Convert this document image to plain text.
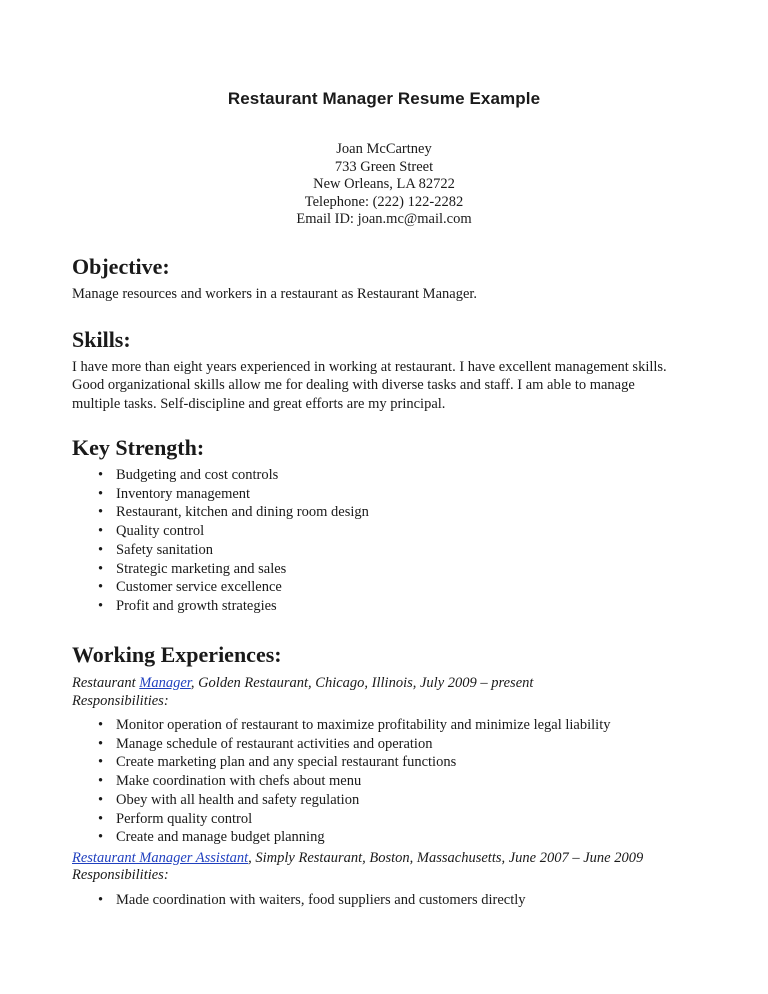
Restaurant Manager Resume Example
Joan McCartney
733 Green Street
New Orleans, LA 82722
Telephone: (222) 122-2282
Email ID: joan.mc@mail.com
Objective:

Manage resources and workers in a restaurant as Restaurant Manager.

Skills:

I have more than eight years experienced in working at restaurant. I have excellent management skills.

Good organizational skills allow me for dealing with diverse tasks and staff. I am able to manage

multiple tasks. Self-discipline and great efforts are my principal.

Key Strength:
• Budgeting and cost controls
• Inventory management
• Restaurant, kitchen and dining room design
• Quality control
• Safety sanitation
• Strategic marketing and sales
• Customer service excellence
• Profit and growth strategies
Working Experiences:
Restaurant Manager, Golden Restaurant, Chicago, Illinois, July 2009 – present
Responsibilities:
• Monitor operation of restaurant to maximize profitability and minimize legal liability
• Manage schedule of restaurant activities and operation
• Create marketing plan and any special restaurant functions
• Make coordination with chefs about menu
• Obey with all health and safety regulation
• Perform quality control
• Create and manage budget planning
Restaurant Manager Assistant, Simply Restaurant, Boston, Massachusetts, June 2007 – June 2009
Responsibilities:
• Made coordination with waiters, food suppliers and customers directly
